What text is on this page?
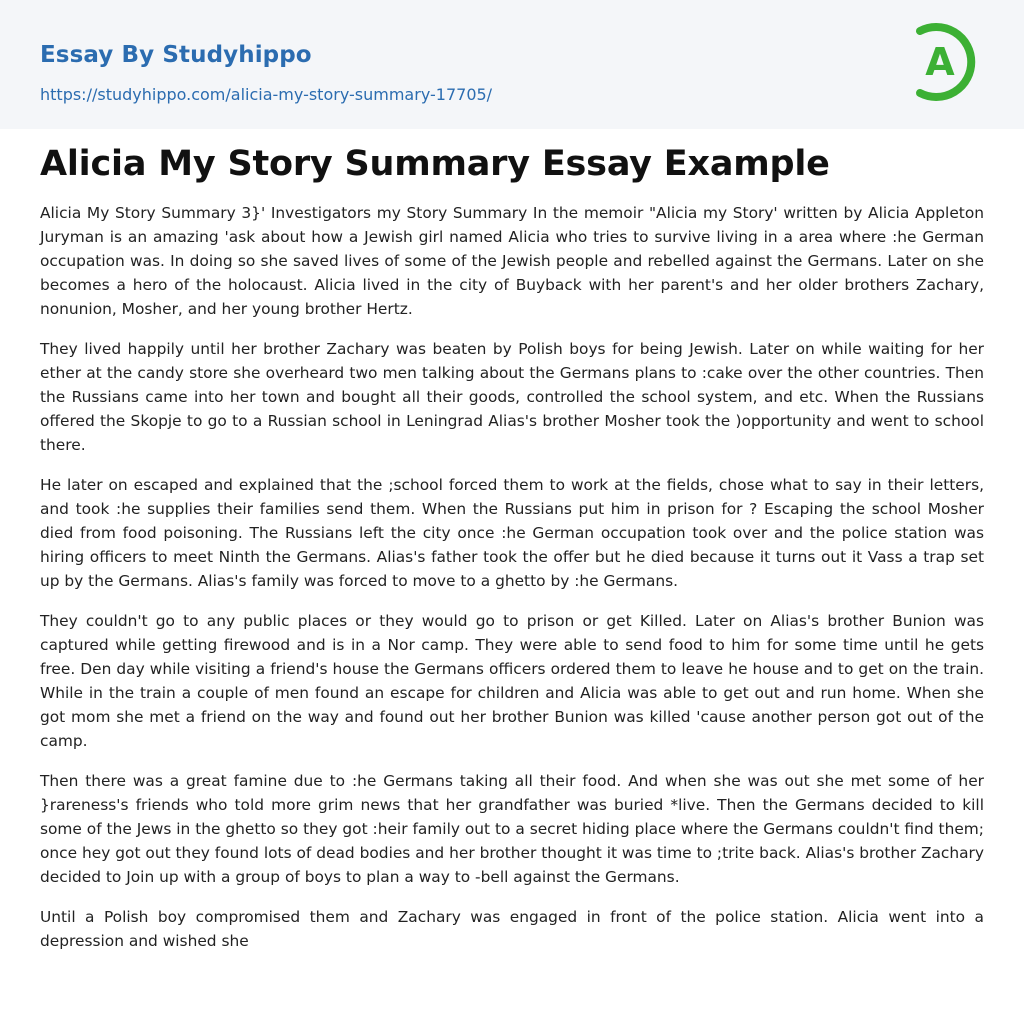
Essay By Studyhippo
https://studyhippo.com/alicia-my-story-summary-17705/
A
Alicia My Story Summary Essay Example

Alicia My Story Summary 3}' Investigators my Story Summary In the memoir "Alicia my Story' written by Alicia Appleton Juryman is an amazing 'ask about how a Jewish girl named Alicia who tries to survive living in a area where :he German occupation was. In doing so she saved lives of some of the Jewish people and rebelled against the Germans. Later on she becomes a hero of the holocaust. Alicia lived in the city of Buyback with her parent's and her older brothers Zachary, nonunion, Mosher, and her young brother Hertz.

They lived happily until her brother Zachary was beaten by Polish boys for being Jewish. Later on while waiting for her ether at the candy store she overheard two men talking about the Germans plans to :cake over the other countries. Then the Russians came into her town and bought all their goods, controlled the school system, and etc. When the Russians offered the Skopje to go to a Russian school in Leningrad Alias's brother Mosher took the )opportunity and went to school there.

He later on escaped and explained that the ;school forced them to work at the fields, chose what to say in their letters, and took :he supplies their families send them. When the Russians put him in prison for ? Escaping the school Mosher died from food poisoning. The Russians left the city once :he German occupation took over and the police station was hiring officers to meet Ninth the Germans. Alias's father took the offer but he died because it turns out it Vass a trap set up by the Germans. Alias's family was forced to move to a ghetto by :he Germans.

They couldn't go to any public places or they would go to prison or get Killed. Later on Alias's brother Bunion was captured while getting firewood and is in a Nor camp. They were able to send food to him for some time until he gets free. Den day while visiting a friend's house the Germans officers ordered them to leave he house and to get on the train. While in the train a couple of men found an escape for children and Alicia was able to get out and run home. When she got mom she met a friend on the way and found out her brother Bunion was killed 'cause another person got out of the camp.

Then there was a great famine due to :he Germans taking all their food. And when she was out she met some of her }rareness's friends who told more grim news that her grandfather was buried *live. Then the Germans decided to kill some of the Jews in the ghetto so they got :heir family out to a secret hiding place where the Germans couldn't find them; once hey got out they found lots of dead bodies and her brother thought it was time to ;trite back. Alias's brother Zachary decided to Join up with a group of boys to plan a way to -bell against the Germans.

Until a Polish boy compromised them and Zachary was engaged in front of the police station. Alicia went into a depression and wished she
